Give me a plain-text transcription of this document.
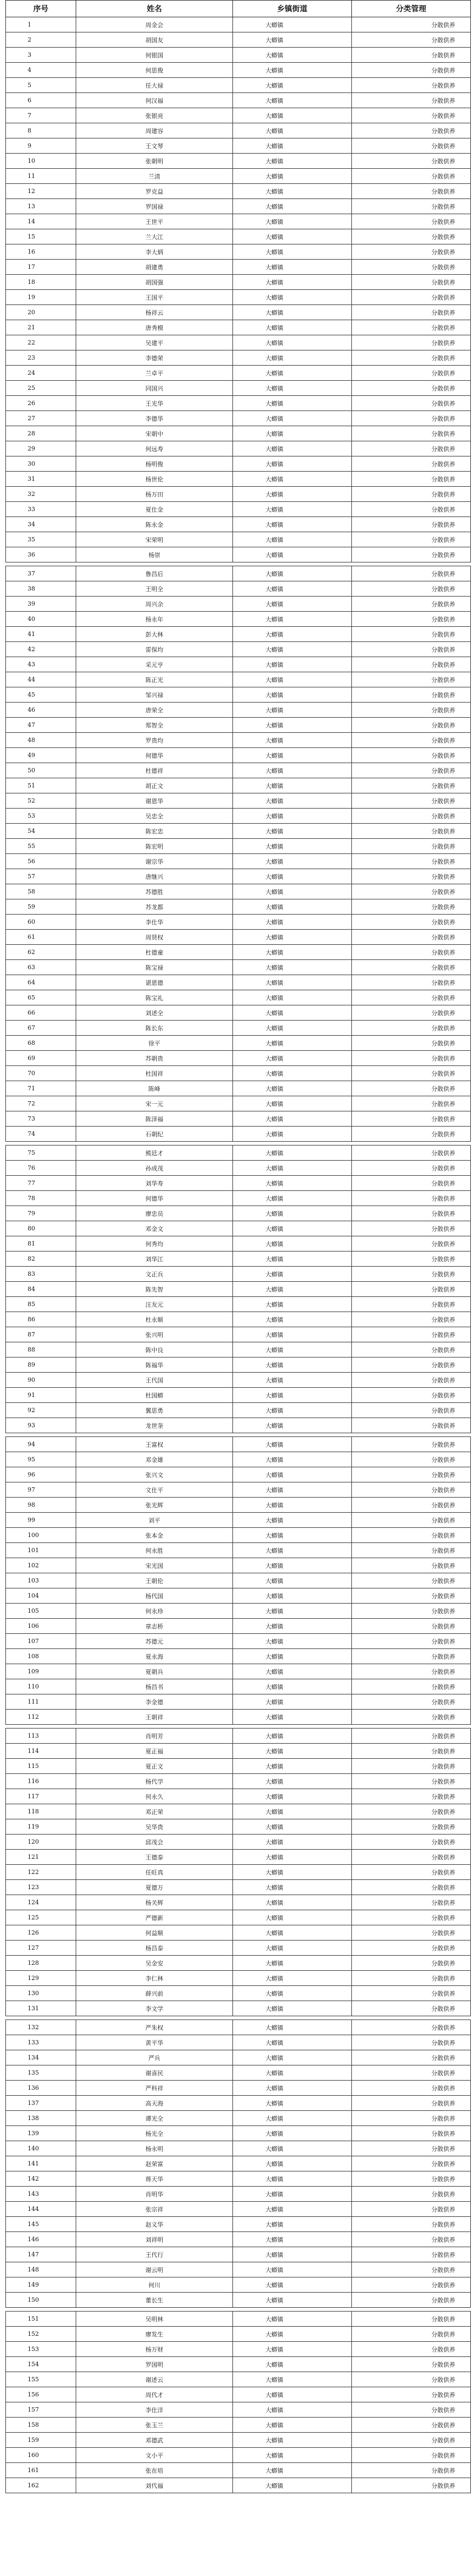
序号	姓名	乡镇街道	分类管理
1	周金会	大蟒镇	分散供养
2	胡国友	大蟒镇	分散供养
3	何银国	大蟒镇	分散供养
4	何思俊	大蟒镇	分散供养
5	任大禄	大蟒镇	分散供养
6	何汉福	大蟒镇	分散供养
7	张银亮	大蟒镇	分散供养
8	周建容	大蟒镇	分散供养
9	王文琴	大蟒镇	分散供养
10	张朝明	大蟒镇	分散供养
11	兰清	大蟒镇	分散供养
12	罗克益	大蟒镇	分散供养
13	罗国禄	大蟒镇	分散供养
14	王世平	大蟒镇	分散供养
15	兰大江	大蟒镇	分散供养
16	李大炳	大蟒镇	分散供养
17	胡建勇	大蟒镇	分散供养
18	胡国强	大蟒镇	分散供养
19	王国平	大蟒镇	分散供养
20	杨祥云	大蟒镇	分散供养
21	唐秀模	大蟒镇	分散供养
22	吴建平	大蟒镇	分散供养
23	李德荣	大蟒镇	分散供养
24	兰卓平	大蟒镇	分散供养
25	同国兴	大蟒镇	分散供养
26	王光华	大蟒镇	分散供养
27	李德华	大蟒镇	分散供养
28	宋朝中	大蟒镇	分散供养
29	何远寿	大蟒镇	分散供养
30	杨明俊	大蟒镇	分散供养
31	杨世伦	大蟒镇	分散供养
32	杨万田	大蟒镇	分散供养
33	夏仕金	大蟒镇	分散供养
34	陈永金	大蟒镇	分散供养
35	宋荣明	大蟒镇	分散供养
36	杨崇	大蟒镇	分散供养

37	鲁昌后	大蟒镇	分散供养
38	王明全	大蟒镇	分散供养
39	周兴余	大蟒镇	分散供养
40	杨永年	大蟒镇	分散供养
41	彭大林	大蟒镇	分散供养
42	雷保均	大蟒镇	分散供养
43	采元亨	大蟒镇	分散供养
44	陈正光	大蟒镇	分散供养
45	邹兴禄	大蟒镇	分散供养
46	唐荣全	大蟒镇	分散供养
47	郑智全	大蟒镇	分散供养
48	罗贵均	大蟒镇	分散供养
49	何德华	大蟒镇	分散供养
50	杜德祥	大蟒镇	分散供养
51	胡正文	大蟒镇	分散供养
52	谢恩华	大蟒镇	分散供养
53	吴忠全	大蟒镇	分散供养
54	陈宏忠	大蟒镇	分散供养
55	陈宏明	大蟒镇	分散供养
56	谢宗华	大蟒镇	分散供养
57	唐继兴	大蟒镇	分散供养
58	苏德胜	大蟒镇	分散供养
59	苏龙都	大蟒镇	分散供养
60	李仕华	大蟒镇	分散供养
61	周贤权	大蟒镇	分散供养
62	杜德童	大蟒镇	分散供养
63	陈宝禄	大蟒镇	分散供养
64	谌恩德	大蟒镇	分散供养
65	陈宝礼	大蟒镇	分散供养
66	刘述全	大蟒镇	分散供养
67	陈长东	大蟒镇	分散供养
68	徐平	大蟒镇	分散供养
69	苏朝贵	大蟒镇	分散供养
70	杜国祥	大蟒镇	分散供养
71	陈峰	大蟒镇	分散供养
72	宋一元	大蟒镇	分散供养
73	陈泽福	大蟒镇	分散供养
74	石朝纪	大蟒镇	分散供养

75	熊廷才	大蟒镇	分散供养
76	孙成茂	大蟒镇	分散供养
77	刘华寿	大蟒镇	分散供养
78	何德华	大蟒镇	分散供养
79	廖忠员	大蟒镇	分散供养
80	邓金文	大蟒镇	分散供养
81	何秀均	大蟒镇	分散供养
82	刘华江	大蟒镇	分散供养
83	文正兵	大蟒镇	分散供养
84	陈先智	大蟒镇	分散供养
85	汪友元	大蟒镇	分散供养
86	杜永顺	大蟒镇	分散供养
87	张兴明	大蟒镇	分散供养
88	陈中良	大蟒镇	分散供养
89	陈福华	大蟒镇	分散供养
90	王代国	大蟒镇	分散供养
91	杜国蟒	大蟒镇	分散供养
92	翼思勇	大蟒镇	分散供养
93	龙世奎	大蟒镇	分散供养

94	王富权	大蟒镇	分散供养
95	邓金雄	大蟒镇	分散供养
96	张兴文	大蟒镇	分散供养
97	文仕平	大蟒镇	分散供养
98	张光辉	大蟒镇	分散供养
99	刘平	大蟒镇	分散供养
100	张本金	大蟒镇	分散供养
101	何永胜	大蟒镇	分散供养
102	宋光国	大蟒镇	分散供养
103	王朝伦	大蟒镇	分散供养
104	杨代国	大蟒镇	分散供养
105	何永珍	大蟒镇	分散供养
106	章志桥	大蟒镇	分散供养
107	苏德元	大蟒镇	分散供养
108	夏永海	大蟒镇	分散供养
109	夏朝兵	大蟒镇	分散供养
110	杨昌书	大蟒镇	分散供养
111	李金德	大蟒镇	分散供养
112	王朝祥	大蟒镇	分散供养

113	肖明芳	大蟒镇	分散供养
114	夏正福	大蟒镇	分散供养
115	夏正文	大蟒镇	分散供养
116	杨代学	大蟒镇	分散供养
117	何永久	大蟒镇	分散供养
118	邓正荣	大蟒镇	分散供养
119	吴华贵	大蟒镇	分散供养
120	邱茂会	大蟒镇	分散供养
121	王德泰	大蟒镇	分散供养
122	任旺真	大蟒镇	分散供养
123	夏德万	大蟒镇	分散供养
124	杨关辉	大蟒镇	分散供养
125	严德新	大蟒镇	分散供养
126	何益顺	大蟒镇	分散供养
127	杨昌泰	大蟒镇	分散供养
128	吴金安	大蟒镇	分散供养
129	李仁林	大蟒镇	分散供养
130	薛兴前	大蟒镇	分散供养
131	李文学	大蟒镇	分散供养

132	严朱权	大蟒镇	分散供养
133	黄平华	大蟒镇	分散供养
134	严兵	大蟒镇	分散供养
135	谢喜民	大蟒镇	分散供养
136	严科祥	大蟒镇	分散供养
137	高天海	大蟒镇	分散供养
138	谭光全	大蟒镇	分散供养
139	杨光全	大蟒镇	分散供养
140	杨永明	大蟒镇	分散供养
141	赵荣富	大蟒镇	分散供养
142	蒋天华	大蟒镇	分散供养
143	肖明华	大蟒镇	分散供养
144	张宗祥	大蟒镇	分散供养
145	赵义华	大蟒镇	分散供养
146	刘祥明	大蟒镇	分散供养
147	王代行	大蟒镇	分散供养
148	谢云明	大蟒镇	分散供养
149	何川	大蟒镇	分散供养
150	董长生	大蟒镇	分散供养

151	吴明林	大蟒镇	分散供养
152	廖发生	大蟒镇	分散供养
153	杨万财	大蟒镇	分散供养
154	罗国明	大蟒镇	分散供养
155	谢述云	大蟒镇	分散供养
156	周代才	大蟒镇	分散供养
157	李仕洋	大蟒镇	分散供养
158	张玉兰	大蟒镇	分散供养
159	邓德武	大蟒镇	分散供养
160	文小平	大蟒镇	分散供养
161	张在培	大蟒镇	分散供养
162	刘代福	大蟒镇	分散供养
